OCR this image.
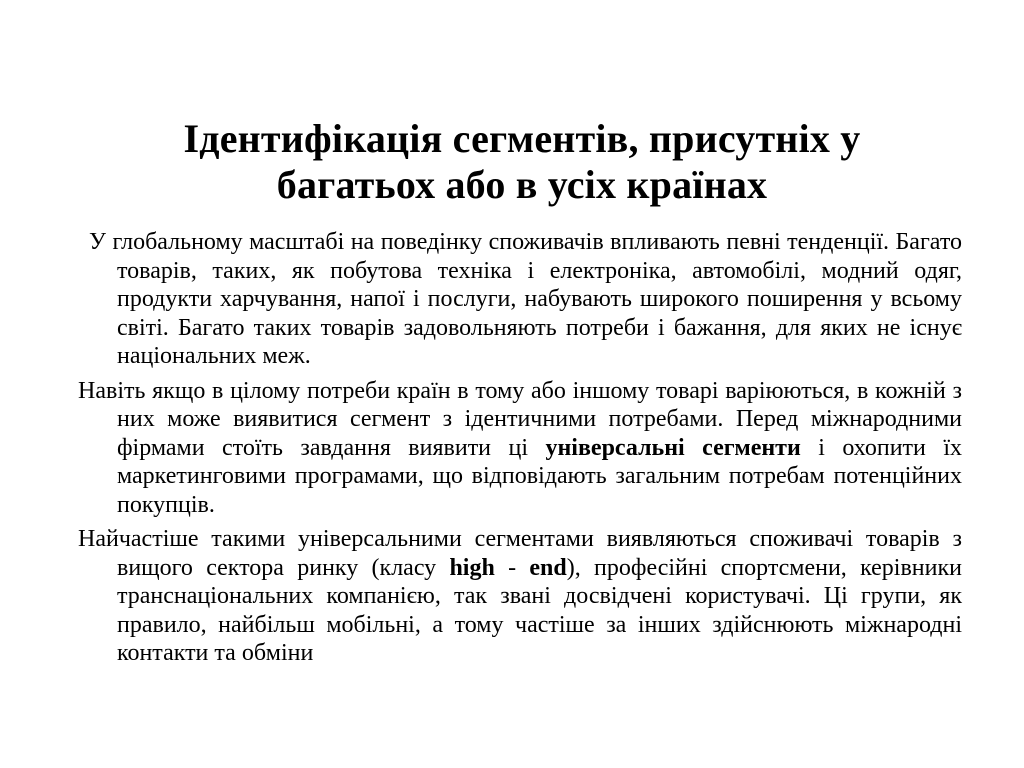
Ідентифікація сегментів, присутніх у
багатьох або в усіх країнах

У глобальному масштабі на поведінку споживачів впливають певні тенденції. Багато товарів, таких, як побутова техніка і електроніка, автомобілі, модний одяг, продукти харчування, напої і послуги, набувають широкого поширення у всьому світі. Багато таких товарів задовольняють потреби і бажання, для яких не існує національних меж.

Навіть якщо в цілому потреби країн в тому або іншому товарі варіюються, в кожній з них може виявитися сегмент з ідентичними потребами. Перед міжнародними фірмами стоїть завдання виявити ці універсальні сегменти і охопити їх маркетинговими програмами, що відповідають загальним потребам потенційних покупців.

Найчастіше такими універсальними сегментами виявляються споживачі товарів з вищого сектора ринку (класу high - end), професійні спортсмени, керівники транснаціональних компанією, так звані досвідчені користувачі. Ці групи, як правило, найбільш мобільні, а тому частіше за інших здійснюють міжнародні контакти та обміни
